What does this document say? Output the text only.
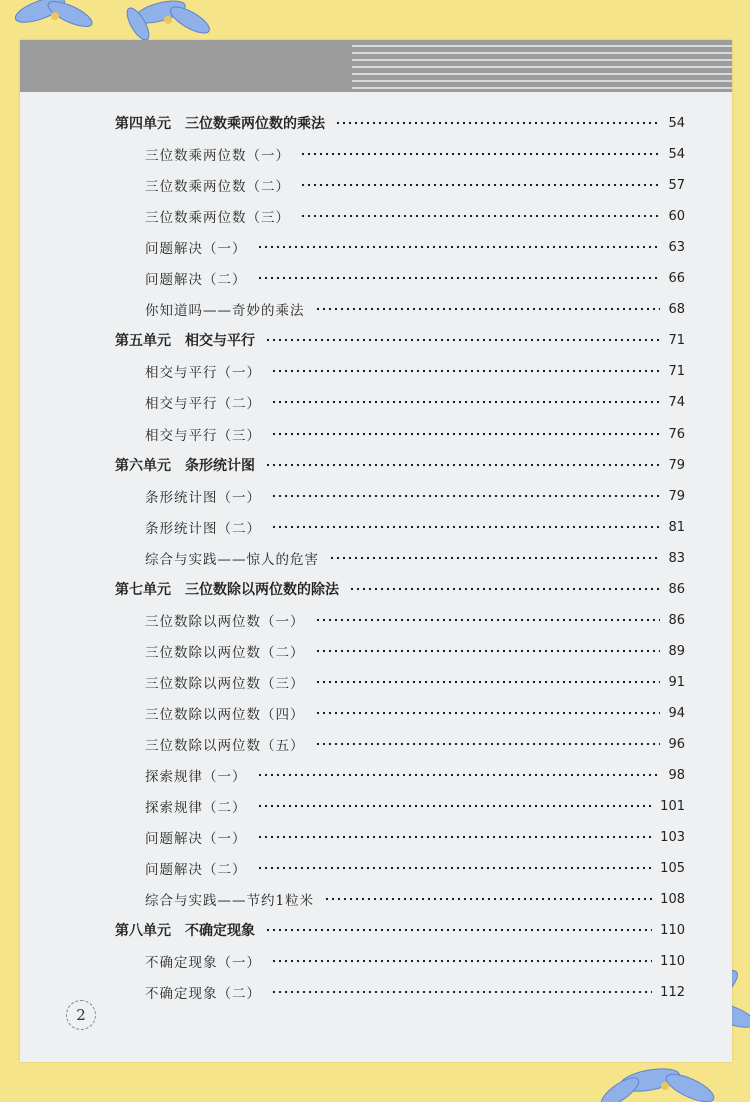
第四单元 三位数乘两位数的乘法	54
三位数乘两位数（一）	54
三位数乘两位数（二）	57
三位数乘两位数（三）	60
问题解决（一）	63
问题解决（二）	66
你知道吗——奇妙的乘法	68
第五单元 相交与平行	71
相交与平行（一）	71
相交与平行（二）	74
相交与平行（三）	76
第六单元 条形统计图	79
条形统计图（一）	79
条形统计图（二）	81
综合与实践——惊人的危害	83
第七单元 三位数除以两位数的除法	86
三位数除以两位数（一）	86
三位数除以两位数（二）	89
三位数除以两位数（三）	91
三位数除以两位数（四）	94
三位数除以两位数（五）	96
探索规律（一）	98
探索规律（二）	101
问题解决（一）	103
问题解决（二）	105
综合与实践——节约1粒米	108
第八单元 不确定现象	110
不确定现象（一）	110
不确定现象（二）	112
2
